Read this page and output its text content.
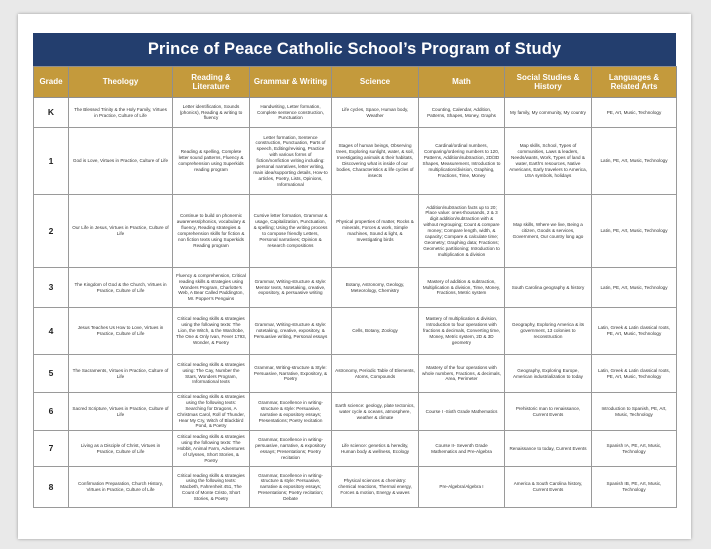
Prince of Peace Catholic School’s Program of Study
Grade	Theology	Reading & Literature	Grammar & Writing	Science	Math	Social Studies & History	Languages & Related Arts
K	The Blessed Trinity & the Holy Family, Virtues in Practice, Culture of Life	Letter identification, Sounds (phonics), Reading & writing to fluency	Handwriting, Letter formation, Complete sentence construction, Punctuation	Life cycles, Space, Human body, Weather	Counting, Calendar, Addition, Patterns, Shapes, Money, Graphs	My family, My community, My country	PE, Art, Music, Technology
1	God is Love, Virtues in Practice, Culture of Life	Reading & spelling, Complete letter sound patterns, Fluency & comprehension using Superkids reading program	Letter formation, Sentence construction, Punctuation, Parts of speech, Editing/revising, Practice with various forms of fiction/nonfiction writing including: personal narratives, letter writing, main idea/supporting details, How-to articles, Poetry, Lists, Opinions, Informational	Stages of human beings, Observing trees, Exploring sunlight, water, & soil, Investigating animals & their habitats, Discovering what is inside of our bodies, Characteristics & life cycles of insects	Cardinal/ordinal numbers, Comparing/ordering numbers to 120, Patterns, Addition/subtraction, 2D/3D Shapes, Measurement, Introduction to multiplication/division, Graphing, Fractions, Time, Money	Map skills, School, Types of communities, Laws & leaders, Needs/wants, Work, Types of land & water, Earth’s resources, Native Americans, Early travelers to America, USA symbols, holidays	Latin, PE, Art, Music, Technology
2	Our Life in Jesus, Virtues in Practice, Culture of Life	Continue to build on phonemic awareness/phonics, vocabulary & fluency, Reading strategies & comprehension skills for fiction & non fiction texts using Superkids Reading program	Cursive letter formation, Grammar & usage, Capitalization, Punctuation, & spelling; Using the writing process to compose friendly Letters, Personal narratives; Opinion & research compositions	Physical properties of matter, Rocks & minerals, Forces & work, Simple machines, Sound & light, & Investigating birds	Addition/subtraction facts up to 20; Place value: ones-thousands, 2 & 3 digit addition/subtraction with & without regrouping; Count & compare money; Compare length, width, & capacity; Compare & calculate time; Geometry; Graphing data; Fractions; Geometric partitioning; Introduction to multiplication & division	Map skills, Where we live, Being a citizen, Goods & services, Government, Our country long ago	Latin, PE, Art, Music, Technology
3	The Kingdom of God & the Church, Virtues in Practice, Culture of Life	Fluency & comprehension, Critical reading skills & strategies using Wonders Program, Charlotte’s Web, A Bear Called Paddington, Mr. Popper’s Penguins	Grammar, Writing-structure & style: Mentor texts, Notetaking, creative, expository, & persuasive writing	Botany, Astronomy, Geology, Meteorology, Chemistry	Mastery of addition & subtraction, Multiplication & division, Time, Money, Fractions, Metric system	South Carolina geography & history	Latin, PE, Art, Music, Technology
4	Jesus Teaches Us How to Love, Virtues in Practice, Culture of Life	Critical reading skills & strategies using the following texts: The Lion, the Witch, & the Wardrobe, The One & Only Ivan, Fever 1793, Wonder, & Poetry	Grammar, Writing-structure & style: notetaking, creative, expository, & Persuasive writing, Personal essays	Cells, Botany, Zoology	Mastery of multiplication & division, Introduction to four operations with fractions & decimals, Converting time, Money, Metric system, 2D & 3D geometry	Geography, Exploring America & its government, 13 colonies to reconstruction	Latin, Greek & Latin classical roots, PE, Art, Music, Technology
5	The Sacraments, Virtues in Practice, Culture of Life	Critical reading skills & strategies using: The Cay, Number the Stars, Wonders Program, Informational texts	Grammar, Writing-structure & Style: Persuasive, Narrative, Expository, & Poetry	Astronomy, Periodic Table of Elements, Atoms, Compounds	Mastery of the four operations with whole numbers, Fractions, & decimals, Area, Perimeter	Geography, Exploring Europe, American industrialization to today	Latin, Greek & Latin classical roots, PE, Art, Music, Technology
6	Sacred Scripture, Virtues in Practice, Culture of Life	Critical reading skills & strategies using the following texts: Searching for Dragons, A Christmas Carol, Roll of Thunder, Hear My Cry, Witch of Blackbird Pond, & Poetry	Grammar, Excellence in writing-structure & style: Persuasive, narrative & expository essays; Presentations; Poetry recitation	Earth science: geology, plate tectonics, water cycle & oceans, atmosphere, weather & climate	Course I -Sixth Grade Mathematics	Prehistoric man to renaissance, Current Events	Introduction to Spanish, PE, Art, Music, Technology
7	Living as a Disciple of Christ, Virtues in Practice, Culture of Life	Critical reading skills & strategies using the following texts: The Hobbit, Animal Farm, Adventures of Ulysses, Short Stories, & Poetry	Grammar, Excellence in writing-persuasive, narrative, & expository essays; Presentations; Poetry recitation	Life science: genetics & heredity, Human body & wellness, Ecology	Course II- Seventh Grade Mathematics and Pre-Algebra	Renaissance to today, Current Events	Spanish IA, PE, Art, Music, Technology
8	Confirmation Preparation, Church History, Virtues in Practice, Culture of Life	Critical reading skills & strategies using the following texts: Macbeth, Fahrenheit 451, The Count of Monte Cristo, Short Stories, & Poetry	Grammar, Excellence in writing-structure & style: Persuasive, narrative & expository essays; Presentations; Poetry recitation; Debate	Physical sciences & chemistry: chemical reactions, Thermal energy, Forces & motion, Energy & waves	Pre-Algebra/Algebra I	America & South Carolina history, Current Events	Spanish IB, PE, Art, Music, Technology
